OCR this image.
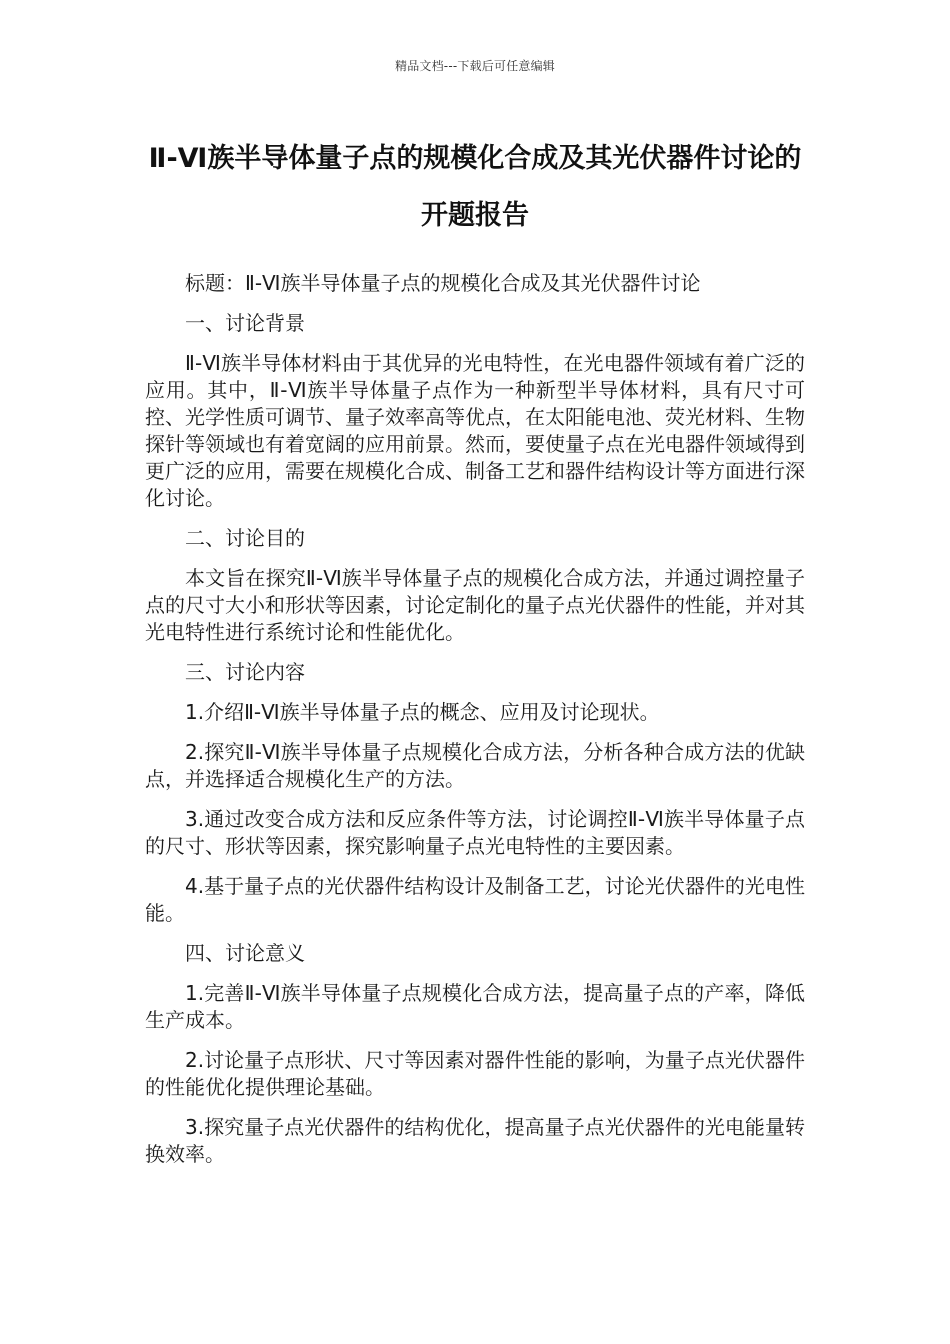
精品文档---下载后可任意编辑
Ⅱ-Ⅵ族半导体量子点的规模化合成及其光伏器件讨论的开题报告

标题：Ⅱ-Ⅵ族半导体量子点的规模化合成及其光伏器件讨论

一、讨论背景

Ⅱ-Ⅵ族半导体材料由于其优异的光电特性，在光电器件领域有着广泛的应用。其中，Ⅱ-Ⅵ族半导体量子点作为一种新型半导体材料，具有尺寸可控、光学性质可调节、量子效率高等优点，在太阳能电池、荧光材料、生物探针等领域也有着宽阔的应用前景。然而，要使量子点在光电器件领域得到更广泛的应用，需要在规模化合成、制备工艺和器件结构设计等方面进行深化讨论。

二、讨论目的

本文旨在探究Ⅱ-Ⅵ族半导体量子点的规模化合成方法，并通过调控量子点的尺寸大小和形状等因素，讨论定制化的量子点光伏器件的性能，并对其光电特性进行系统讨论和性能优化。

三、讨论内容

1.介绍Ⅱ-Ⅵ族半导体量子点的概念、应用及讨论现状。

2.探究Ⅱ-Ⅵ族半导体量子点规模化合成方法，分析各种合成方法的优缺点，并选择适合规模化生产的方法。

3.通过改变合成方法和反应条件等方法，讨论调控Ⅱ-Ⅵ族半导体量子点的尺寸、形状等因素，探究影响量子点光电特性的主要因素。

4.基于量子点的光伏器件结构设计及制备工艺，讨论光伏器件的光电性能。

四、讨论意义

1.完善Ⅱ-Ⅵ族半导体量子点规模化合成方法，提高量子点的产率，降低生产成本。

2.讨论量子点形状、尺寸等因素对器件性能的影响，为量子点光伏器件的性能优化提供理论基础。

3.探究量子点光伏器件的结构优化，提高量子点光伏器件的光电能量转换效率。
